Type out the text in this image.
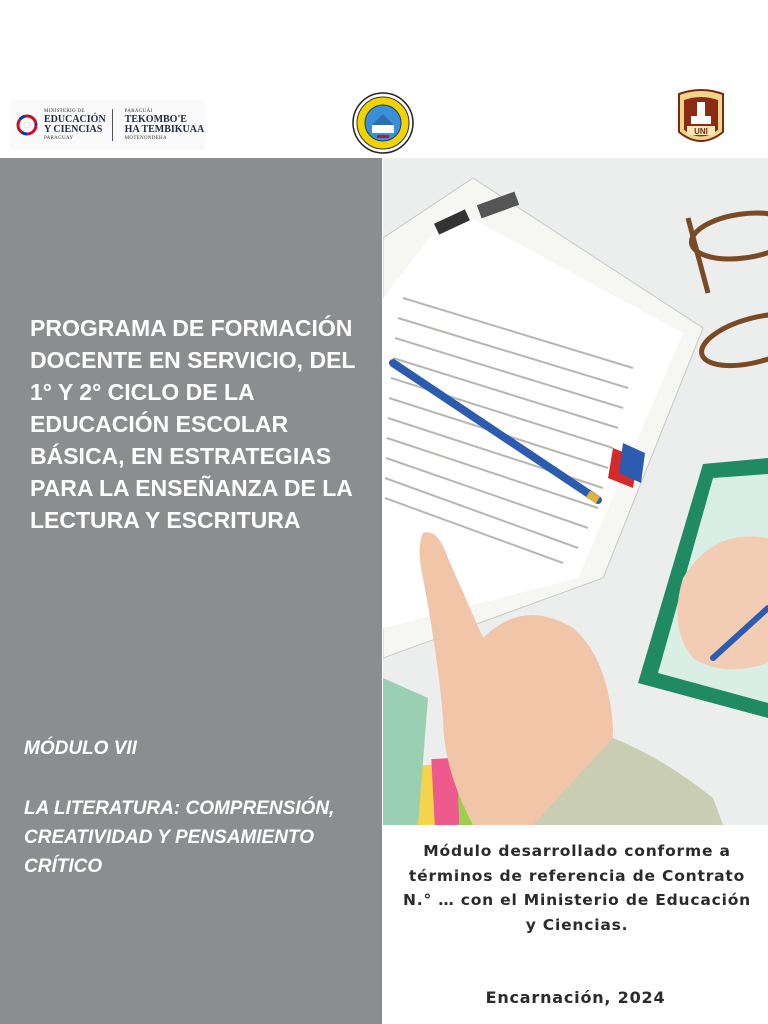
MINISTERIO DE
EDUCACIÓN
Y CIENCIAS
PARAGUAY
PARAGUÁI
TEKOMBO'E
HA TEMBIKUAA
MOTENONDEHA
UNI
PROGRAMA DE FORMACIÓN DOCENTE EN SERVICIO, DEL 1° Y 2° CICLO DE LA EDUCACIÓN ESCOLAR BÁSICA, EN ESTRATEGIAS PARA LA ENSEÑANZA DE LA LECTURA Y ESCRITURA

MÓDULO VII

LA LITERATURA: COMPRENSIÓN, CREATIVIDAD Y PENSAMIENTO CRÍTICO

Módulo desarrollado conforme a términos de referencia de Contrato N.° … con el Ministerio de Educación y Ciencias.

Encarnación, 2024
